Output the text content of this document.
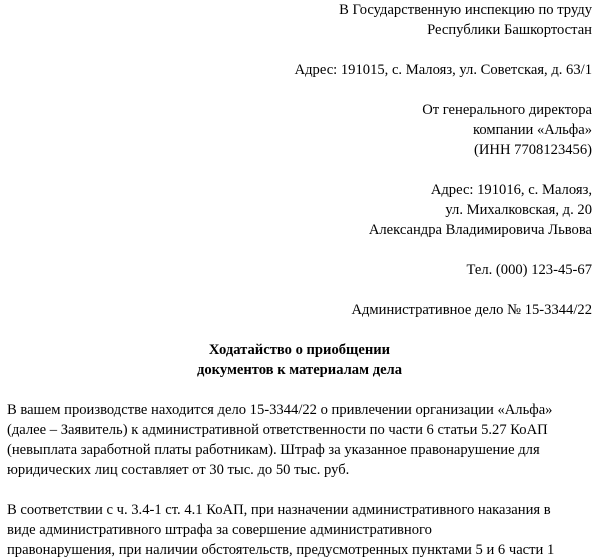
В Государственную инспекцию по труду
Республики Башкортостан
Адрес: 191015, с. Малояз, ул. Советская, д. 63/1
От генерального директора
компании «Альфа»
(ИНН 7708123456)
Адрес: 191016, с. Малояз,
ул. Михалковская, д. 20
Александра Владимировича Львова
Тел. (000) 123-45-67
Административное дело № 15-3344/22
Ходатайство о приобщении
документов к материалам дела

В вашем производстве находится дело 15-3344/22 о привлечении организации «Альфа»
(далее – Заявитель) к административной ответственности по части 6 статьи 5.27 КоАП
(невыплата заработной платы работникам). Штраф за указанное правонарушение для
юридических лиц составляет от 30 тыс. до 50 тыс. руб.

В соответствии с ч. 3.4-1 ст. 4.1 КоАП, при назначении административного наказания в
виде административного штрафа за совершение административного
правонарушения, при наличии обстоятельств, предусмотренных пунктами 5 и 6 части 1
